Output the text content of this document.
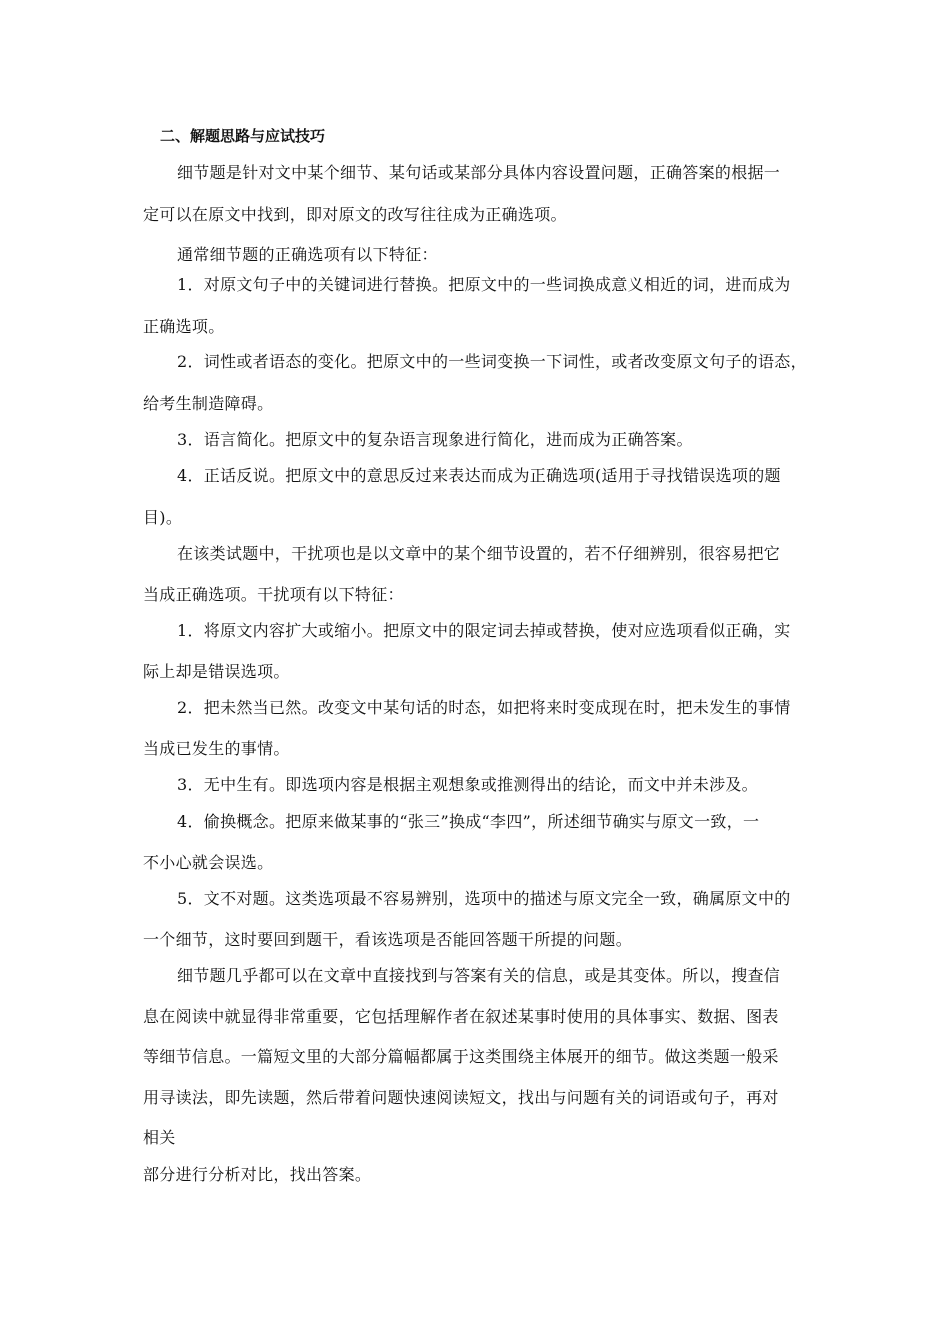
二、解题思路与应试技巧
细节题是针对文中某个细节、某句话或某部分具体内容设置问题，正确答案的根据一
定可以在原文中找到，即对原文的改写往往成为正确选项。
通常细节题的正确选项有以下特征：
1．对原文句子中的关键词进行替换。把原文中的一些词换成意义相近的词，进而成为
正确选项。
2．词性或者语态的变化。把原文中的一些词变换一下词性，或者改变原文句子的语态，
给考生制造障碍。
3．语言简化。把原文中的复杂语言现象进行简化，进而成为正确答案。
4．正话反说。把原文中的意思反过来表达而成为正确选项(适用于寻找错误选项的题
目)。
在该类试题中，干扰项也是以文章中的某个细节设置的，若不仔细辨别，很容易把它
当成正确选项。干扰项有以下特征：
1．将原文内容扩大或缩小。把原文中的限定词去掉或替换，使对应选项看似正确，实
际上却是错误选项。
2．把未然当已然。改变文中某句话的时态，如把将来时变成现在时，把未发生的事情
当成已发生的事情。
3．无中生有。即选项内容是根据主观想象或推测得出的结论，而文中并未涉及。
4．偷换概念。把原来做某事的“张三”换成“李四”，所述细节确实与原文一致，一
不小心就会误选。
5．文不对题。这类选项最不容易辨别，选项中的描述与原文完全一致，确属原文中的
一个细节，这时要回到题干，看该选项是否能回答题干所提的问题。
细节题几乎都可以在文章中直接找到与答案有关的信息，或是其变体。所以，搜查信
息在阅读中就显得非常重要，它包括理解作者在叙述某事时使用的具体事实、数据、图表
等细节信息。一篇短文里的大部分篇幅都属于这类围绕主体展开的细节。做这类题一般采
用寻读法，即先读题，然后带着问题快速阅读短文，找出与问题有关的词语或句子，再对
相关
部分进行分析对比，找出答案。
